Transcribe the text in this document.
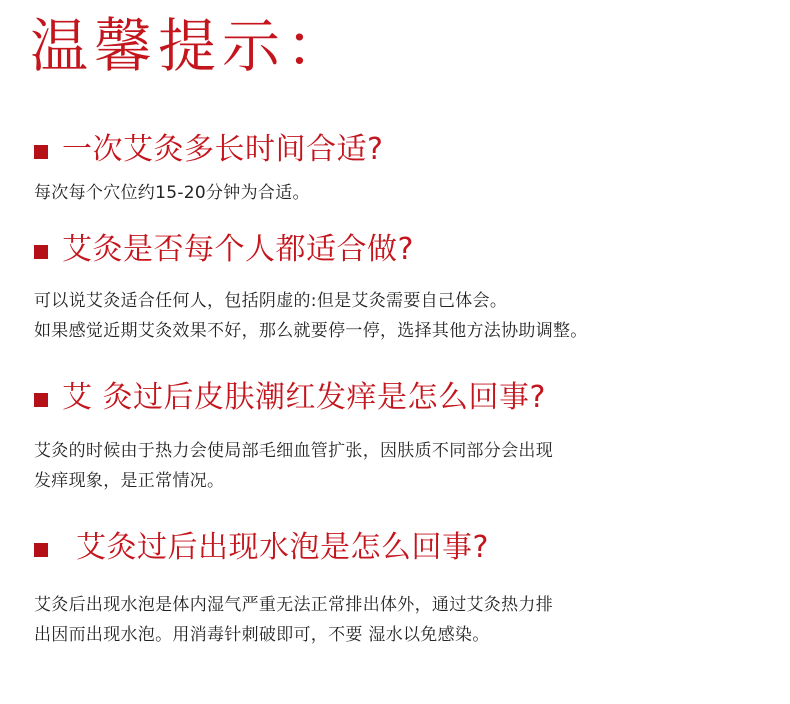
温馨提示：
一次艾灸多长时间合适?
每次每个穴位约15-20分钟为合适。
艾灸是否每个人都适合做?
可以说艾灸适合任何人，包括阴虚的:但是艾灸需要自己体会。
如果感觉近期艾灸效果不好，那么就要停一停，选择其他方法协助调整。
艾 灸过后皮肤潮红发痒是怎么回事?
艾灸的时候由于热力会使局部毛细血管扩张，因肤质不同部分会出现
发痒现象，是正常情况。
艾灸过后出现水泡是怎么回事?
艾灸后出现水泡是体内湿气严重无法正常排出体外，通过艾灸热力排
出因而出现水泡。用消毒针刺破即可，不要 湿水以免感染。
